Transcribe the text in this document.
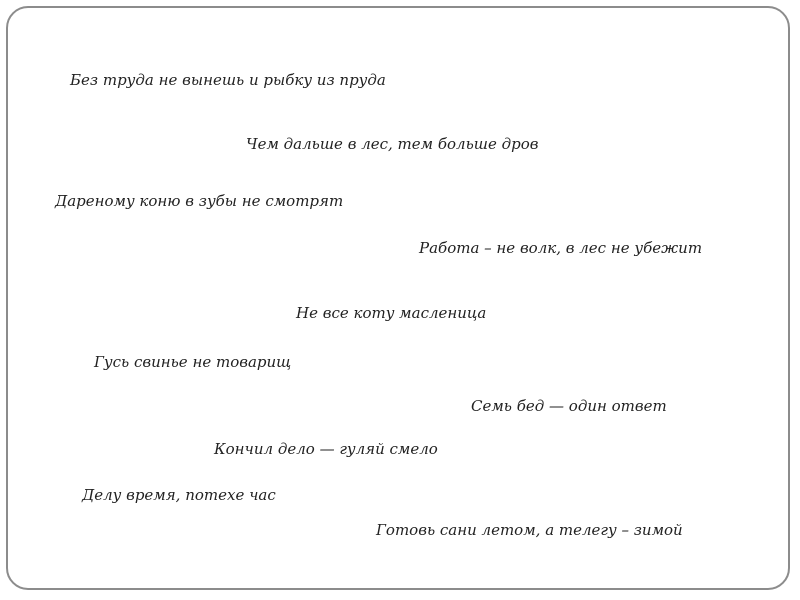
Без труда не вынешь и рыбку из пруда
Чем дальше в лес, тем больше дров
Дареному коню в зубы не смотрят
Работа – не волк, в лес не убежит
Не все коту масленица
Гусь свинье не товарищ
Семь бед — один ответ
Кончил дело — гуляй смело
Делу время, потехе час
Готовь сани летом, а телегу – зимой
